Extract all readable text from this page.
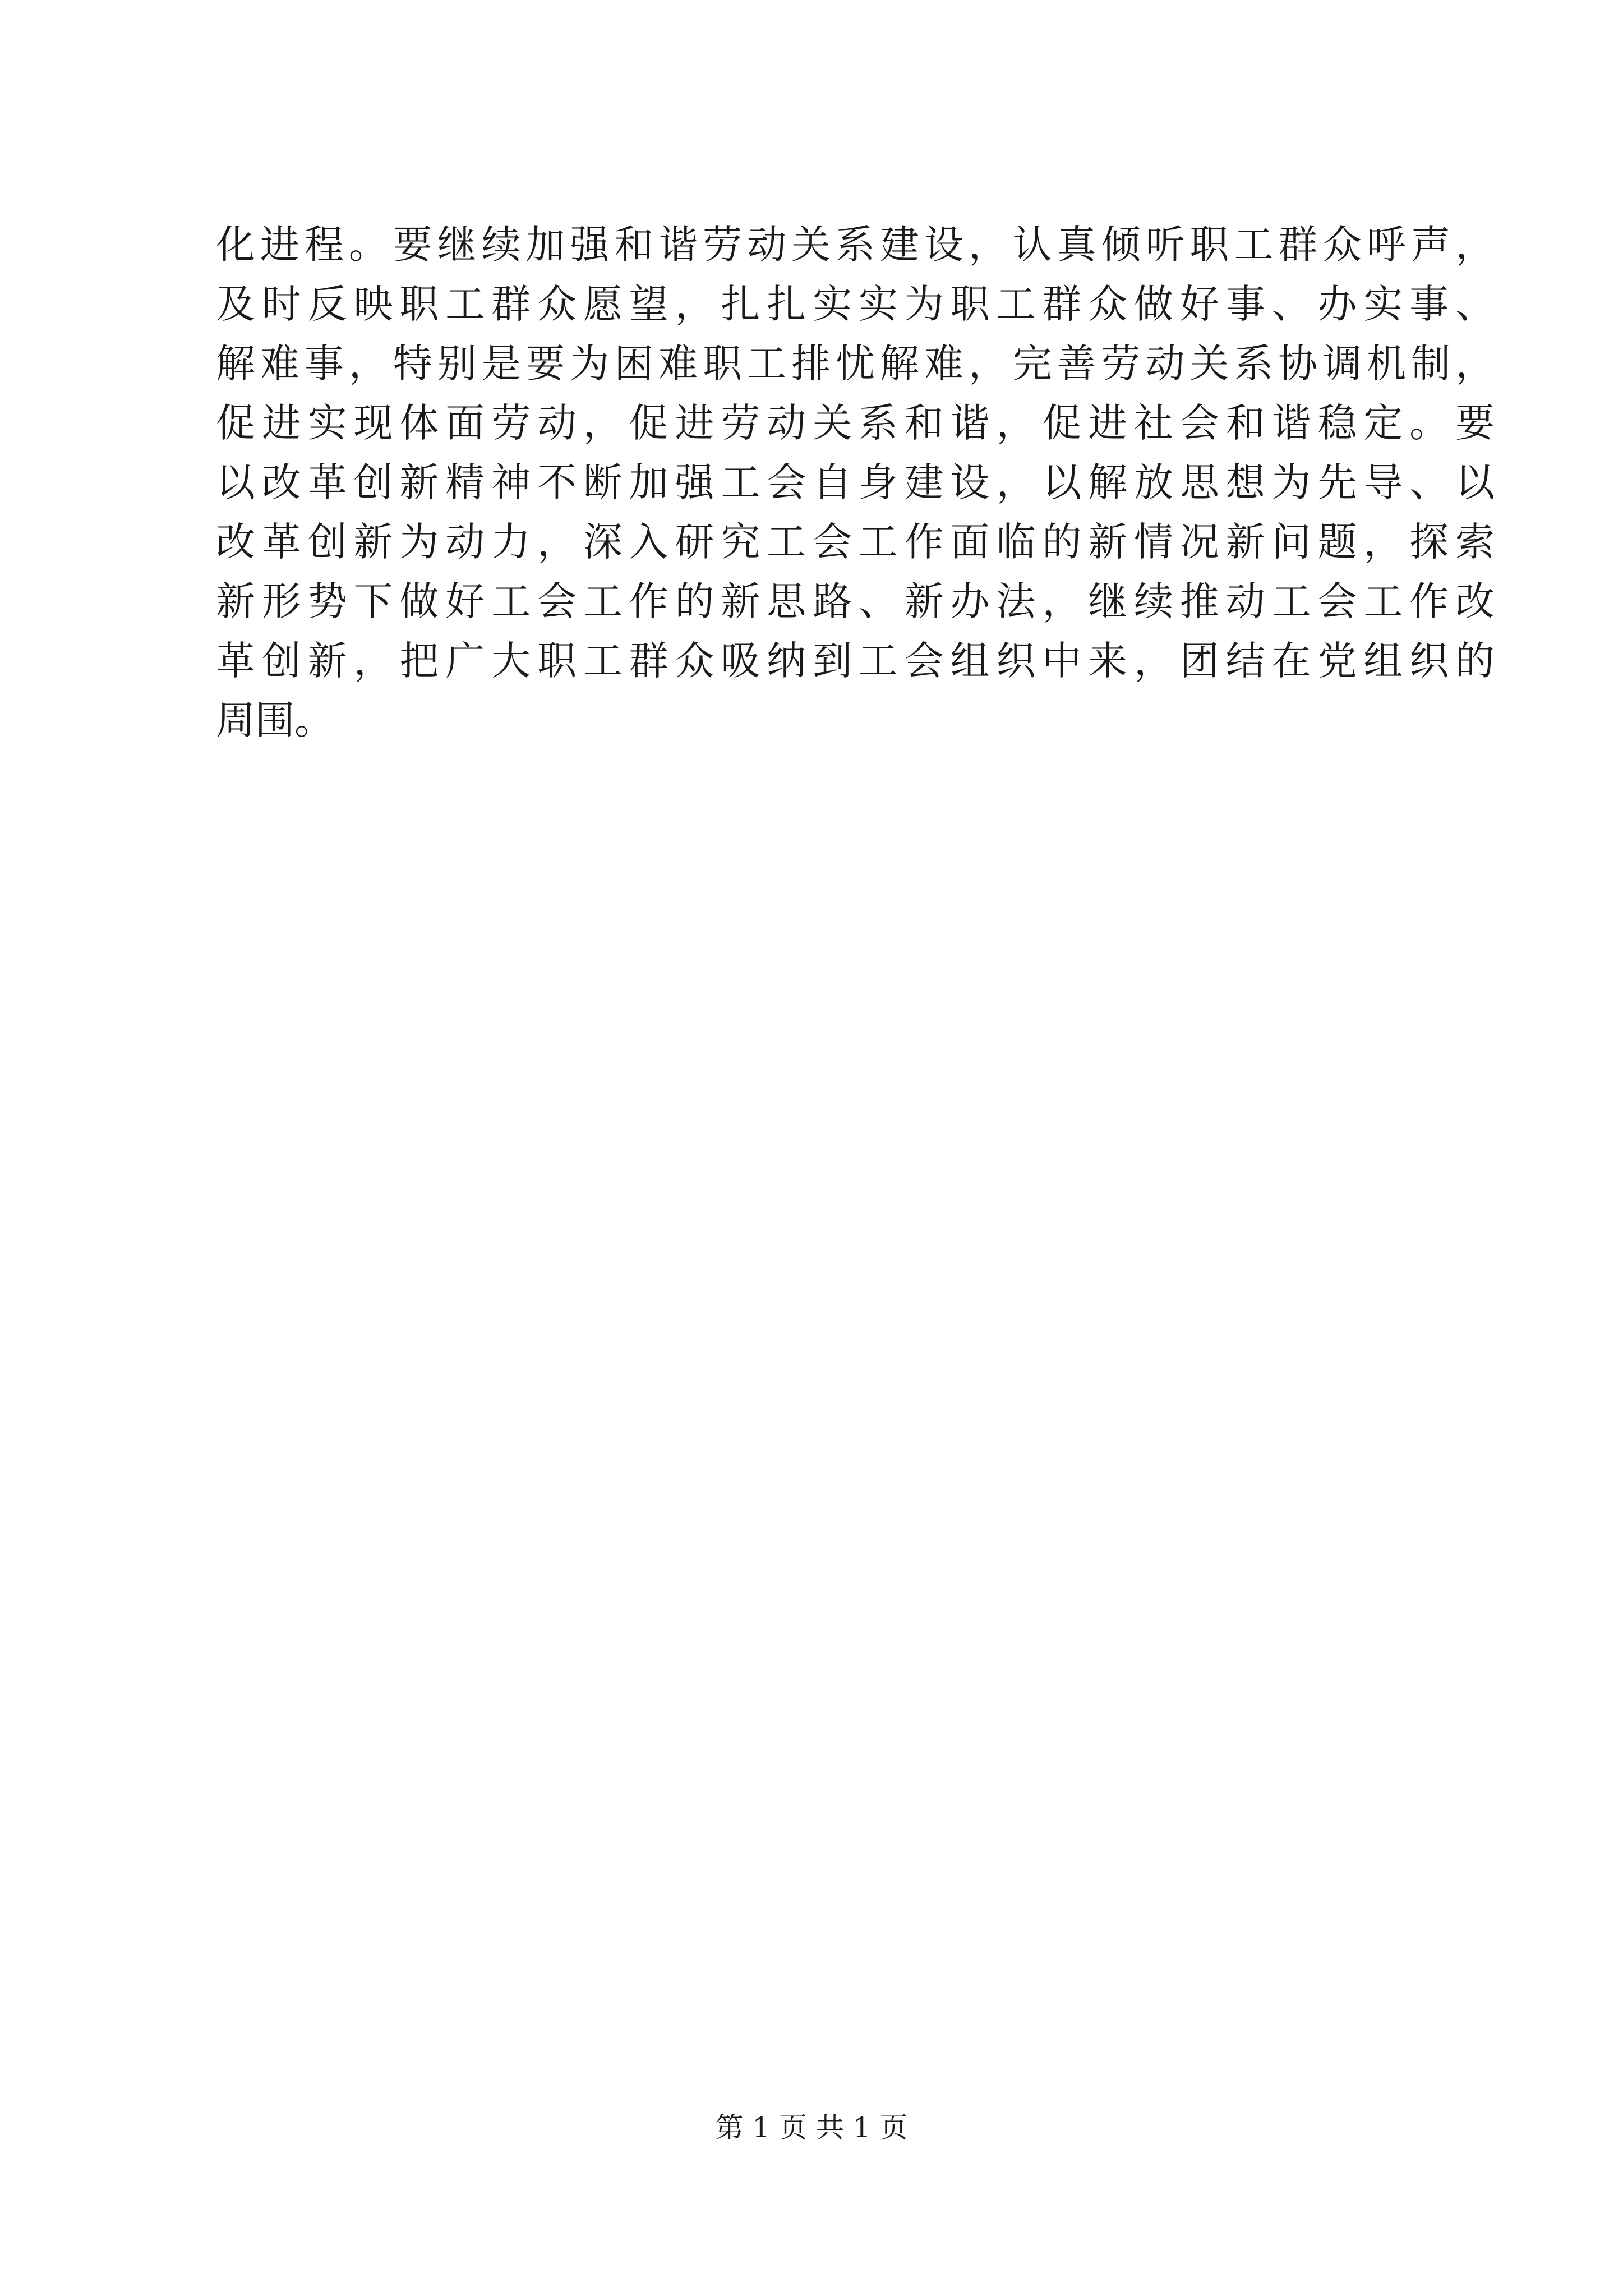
化进程。要继续加强和谐劳动关系建设，认真倾听职工群众呼声，
及时反映职工群众愿望，扎扎实实为职工群众做好事、办实事、
解难事，特别是要为困难职工排忧解难，完善劳动关系协调机制，
促进实现体面劳动，促进劳动关系和谐，促进社会和谐稳定。要
以改革创新精神不断加强工会自身建设，以解放思想为先导、以
改革创新为动力，深入研究工会工作面临的新情况新问题，探索
新形势下做好工会工作的新思路、新办法，继续推动工会工作改
革创新，把广大职工群众吸纳到工会组织中来，团结在党组织的
周围。
第 1 页 共 1 页
